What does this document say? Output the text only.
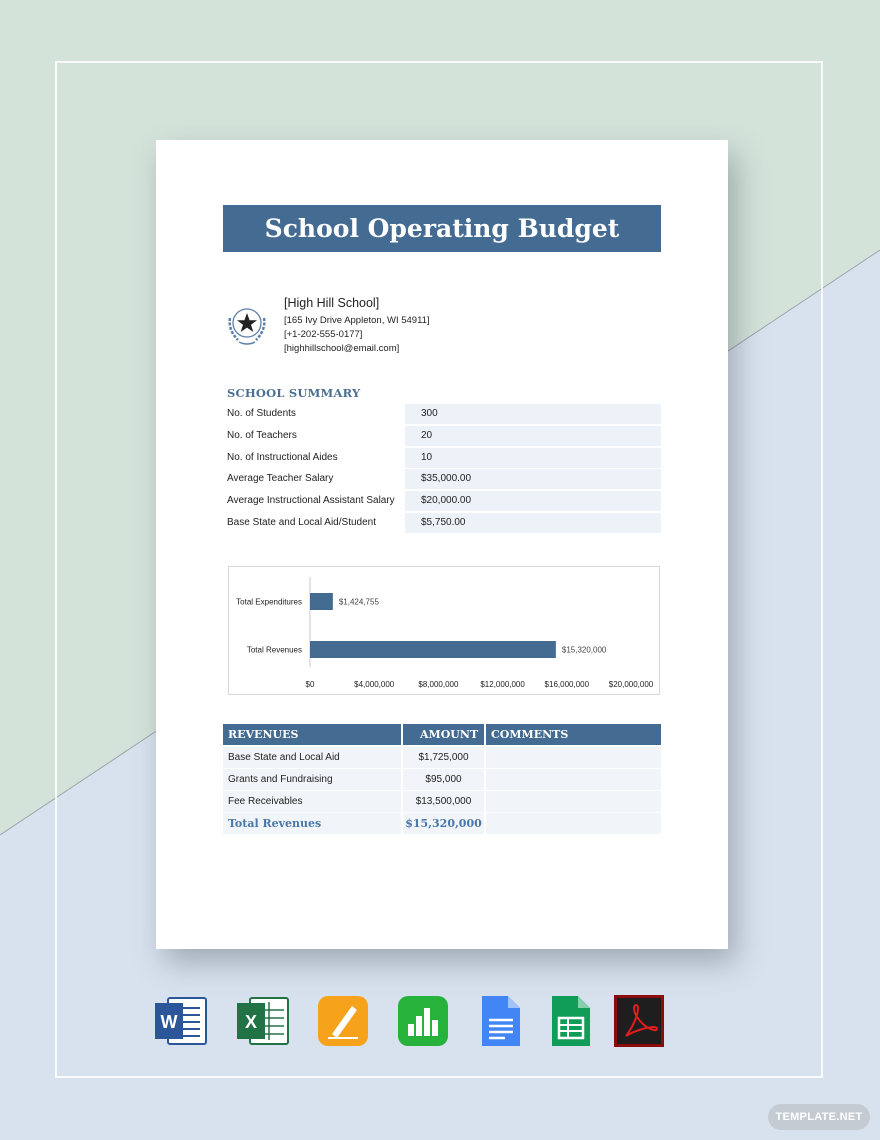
School Operating Budget
[High Hill School]
[165 Ivy Drive Appleton, WI 54911]
[+1-202-555-0177]
[highhillschool@email.com]
SCHOOL SUMMARY
No. of Students	300
No. of Teachers	20
No. of Instructional Aides	10
Average Teacher Salary	$35,000.00
Average Instructional Assistant Salary	$20,000.00
Base State and Local Aid/Student	$5,750.00
Total Expenditures	$1,424,755
Total Revenues	$15,320,000
$0	$4,000,000	$8,000,000	$12,000,000 $16,000,000 $20,000,000
REVENUES	AMOUNT COMMENTS
Base State and Local Aid	$1,725,000
Grants and Fundraising	$95,000
Fee Receivables	$13,500,000
Total Revenues	$15,320,000
W	X
TEMPLATE.NET
